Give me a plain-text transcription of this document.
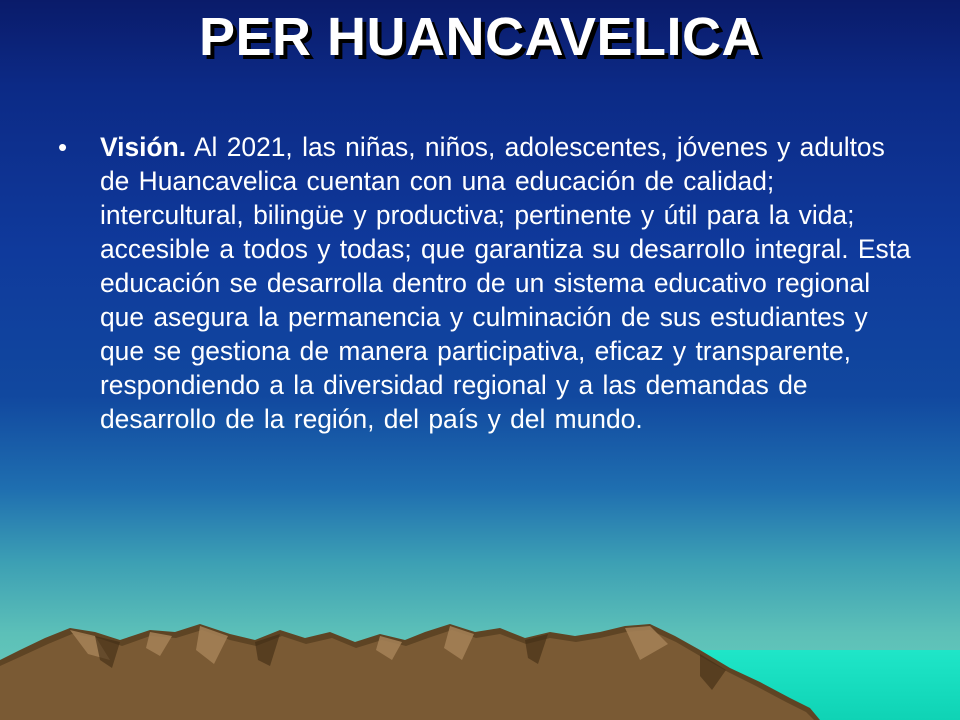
PER HUANCAVELICA
•	Visión. Al 2021, las niñas, niños, adolescentes, jóvenes y adultos de Huancavelica cuentan con una educación de calidad; intercultural, bilingüe y productiva; pertinente y útil para la vida; accesible a todos y todas; que garantiza su desarrollo integral. Esta educación se desarrolla dentro de un sistema educativo regional que asegura la permanencia y culminación de sus estudiantes y que se gestiona de manera participativa, eficaz y transparente, respondiendo a la diversidad regional y a las demandas de desarrollo de la región, del país y del mundo.
